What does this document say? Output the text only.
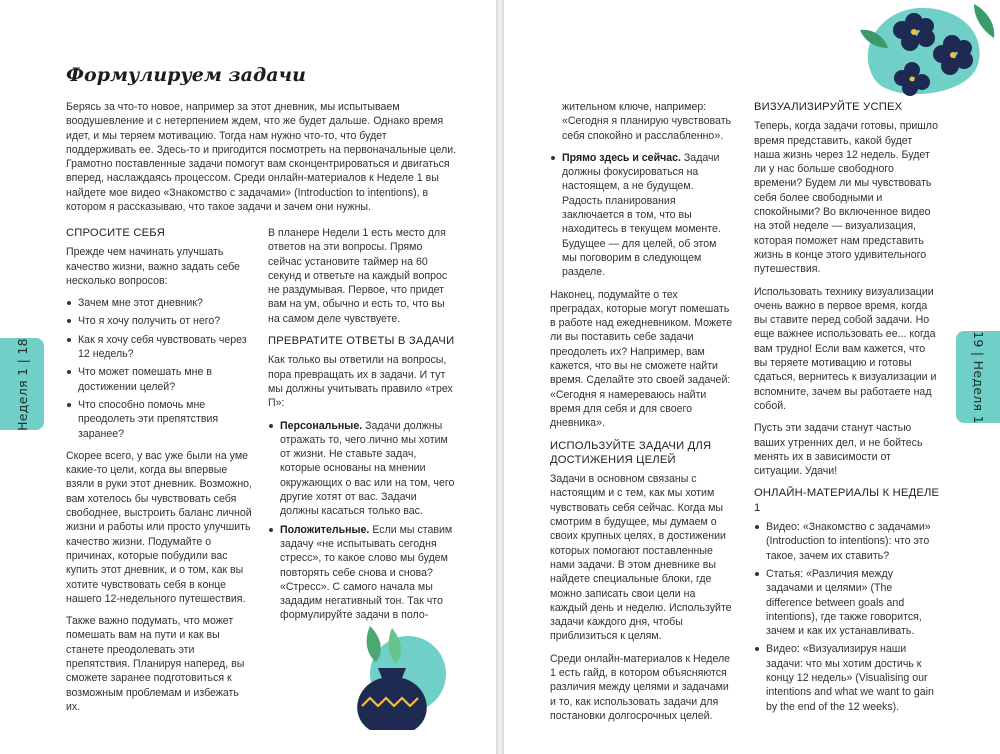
Формулируем задачи

Берясь за что-то новое, например за этот дневник, мы испытываем воодушевление и с нетерпением ждем, что же будет дальше. Однако время идет, и мы теряем мотивацию. Тогда нам нужно что-то, что будет поддерживать ее. Здесь-то и пригодится посмотреть на первоначальные цели. Грамотно поставленные задачи помогут вам сконцентрироваться и двигаться вперед, наслаждаясь процессом. Среди онлайн-материалов к Неделе 1 вы найдете мое видео «Знакомство с задачами» (Introduction to intentions), в котором я рассказываю, что такое задачи и зачем они нужны.

СПРОСИТЕ СЕБЯ

Прежде чем начинать улучшать качество жизни, важно задать себе несколько вопросов:

Зачем мне этот дневник?
Что я хочу получить от него?
Как я хочу себя чувствовать через 12 недель?
Что может помешать мне в достижении целей?
Что способно помочь мне преодолеть эти препятствия заранее?

Скорее всего, у вас уже были на уме какие-то цели, когда вы впервые взяли в руки этот дневник. Возможно, вам хотелось бы чувствовать себя свободнее, выстроить баланс личной жизни и работы или просто улучшить качество жизни. Подумайте о причинах, которые побудили вас купить этот дневник, и о том, как вы хотите чувствовать себя в конце нашего 12-недельного путешествия.

Также важно подумать, что может помешать вам на пути и как вы станете преодолевать эти препятствия. Планируя наперед, вы сможете заранее подготовиться к возможным проблемам и избежать их.

В планере Недели 1 есть место для ответов на эти вопросы. Прямо сейчас установите таймер на 60 секунд и ответьте на каждый вопрос не раздумывая. Первое, что придет вам на ум, обычно и есть то, что вы на самом деле чувствуете.

ПРЕВРАТИТЕ ОТВЕТЫ В ЗАДАЧИ

Как только вы ответили на вопросы, пора превращать их в задачи. И тут мы должны учитывать правило «трех П»:

Персональные. Задачи должны отражать то, чего лично мы хотим от жизни. Не ставьте задач, которые основаны на мнении окружающих о вас или на том, чего другие хотят от вас. Задачи должны касаться только вас.
Положительные. Если мы ставим задачу «не испытывать сегодня стресс», то какое слово мы будем повторять себе снова и снова? «Стресс». С самого начала мы зададим негативный тон. Так что формулируйте задачи в поло-
Неделя 1 | 18

жительном ключе, например: «Сегодня я планирую чувствовать себя спокойно и расслабленно».

Прямо здесь и сейчас. Задачи должны фокусироваться на настоящем, а не будущем. Радость планирования заключается в том, что вы находитесь в текущем моменте. Будущее — для целей, об этом мы поговорим в следующем разделе.

Наконец, подумайте о тех преградах, которые могут помешать в работе над ежедневником. Можете ли вы поставить себе задачи преодолеть их? Например, вам кажется, что вы не сможете найти время. Сделайте это своей задачей: «Сегодня я намереваюсь найти время для себя и для своего дневника».

ИСПОЛЬЗУЙТЕ ЗАДАЧИ ДЛЯ ДОСТИЖЕНИЯ ЦЕЛЕЙ

Задачи в основном связаны с настоящим и с тем, как мы хотим чувствовать себя сейчас. Когда мы смотрим в будущее, мы думаем о своих крупных целях, в достижении которых помогают поставленные нами задачи. В этом дневнике вы найдете специальные блоки, где можно записать свои цели на каждый день и неделю. Используйте задачи каждого дня, чтобы приблизиться к целям.

Среди онлайн-материалов к Неделе 1 есть гайд, в котором объясняются различия между целями и задачами и то, как использовать задачи для постановки долгосрочных целей.

ВИЗУАЛИЗИРУЙТЕ УСПЕХ

Теперь, когда задачи готовы, пришло время представить, какой будет наша жизнь через 12 недель. Будет ли у нас больше свободного времени? Будем ли мы чувствовать себя более свободными и спокойными? Во включенное видео на этой неделе — визуализация, которая поможет нам представить жизнь в конце этого удивительного путешествия.

Использовать технику визуализации очень важно в первое время, когда вы ставите перед собой задачи. Но еще важнее использовать ее... когда вам трудно! Если вам кажется, что вы теряете мотивацию и готовы сдаться, вернитесь к визуализации и вспомните, зачем вы работаете над собой.

Пусть эти задачи станут частью ваших утренних дел, и не бойтесь менять их в зависимости от ситуации. Удачи!

ОНЛАЙН-МАТЕРИАЛЫ К НЕДЕЛЕ 1
Видео: «Знакомство с задачами» (Introduction to intentions): что это такое, зачем их ставить?
Статья: «Различия между задачами и целями» (The difference between goals and intentions), где также говорится, зачем и как их устанавливать.
Видео: «Визуализируя наши задачи: что мы хотим достичь к концу 12 недель» (Visualising our intentions and what we want to gain by the end of the 12 weeks).
19 | Неделя 1
